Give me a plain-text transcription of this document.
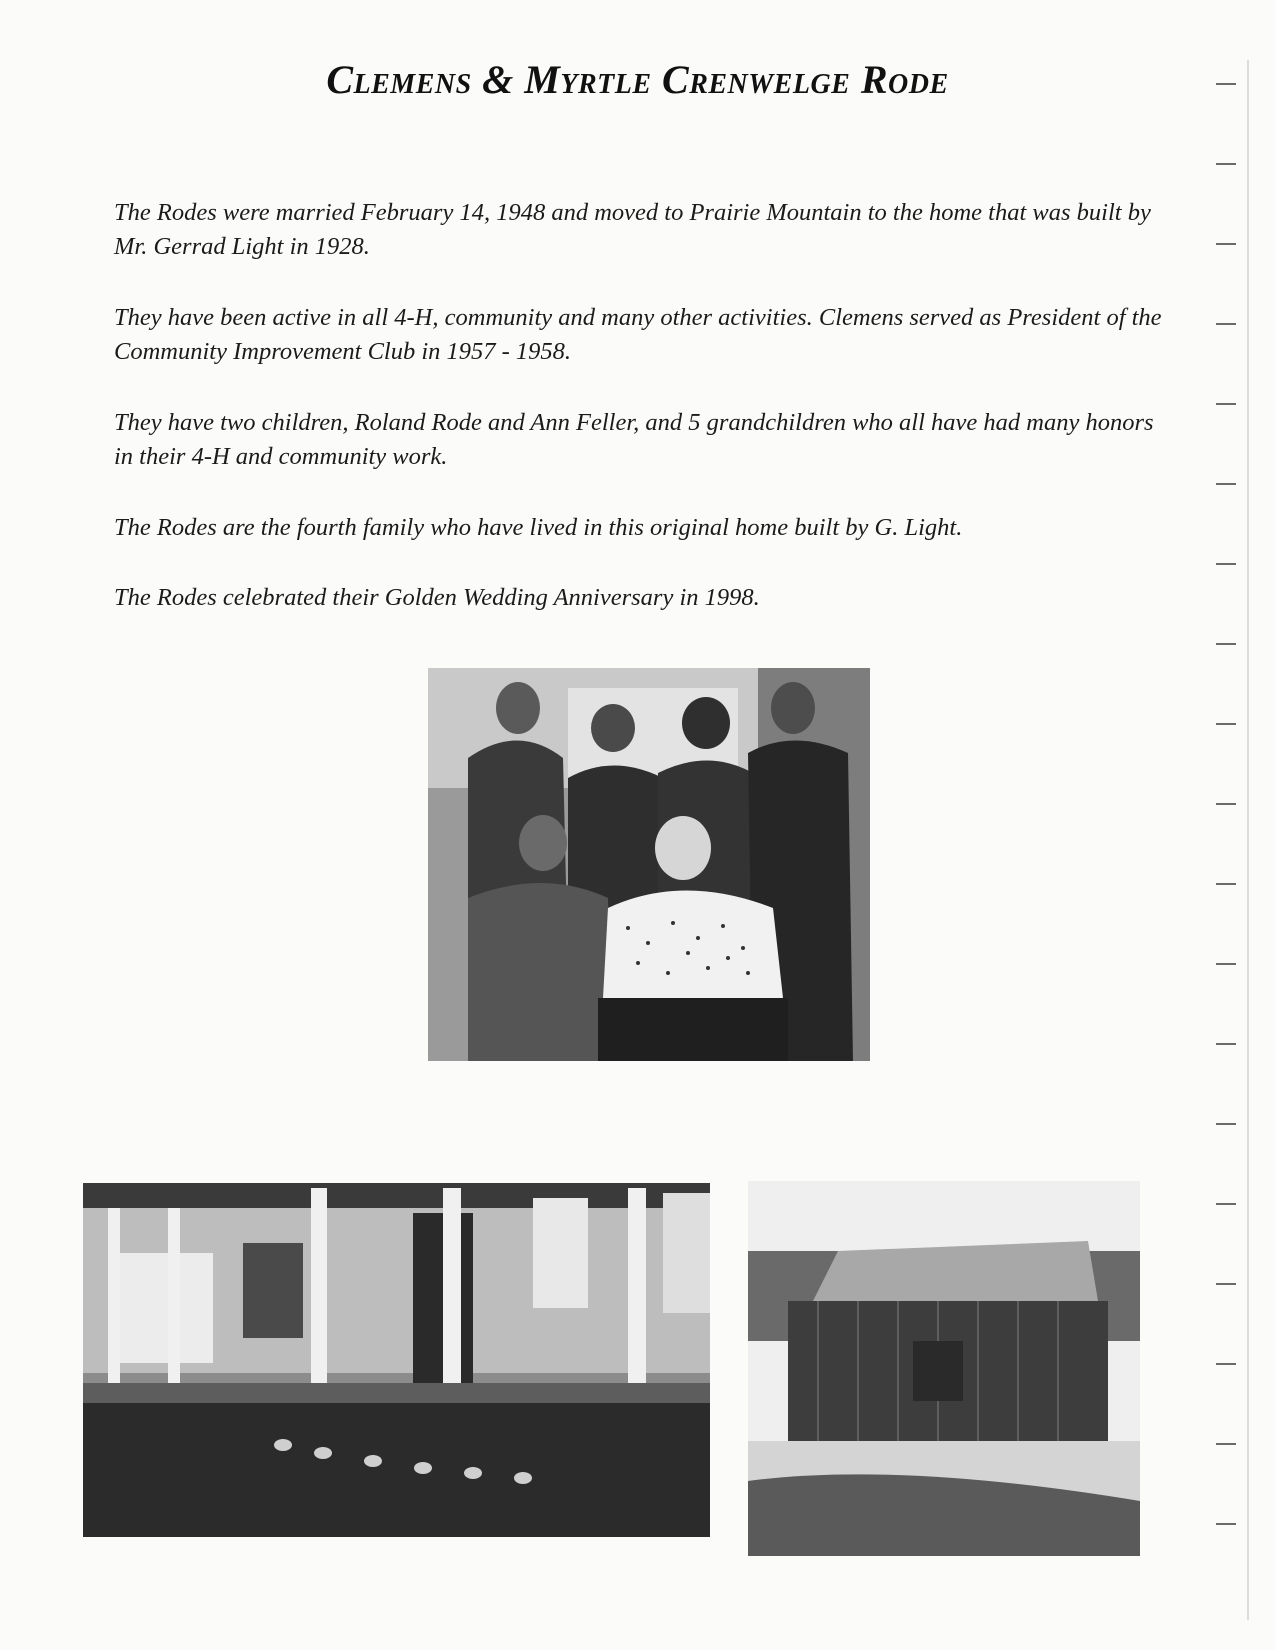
Clemens & Myrtle Crenwelge Rode

The Rodes were married February 14, 1948 and moved to Prairie Mountain to the home that was built by Mr. Gerrad Light in 1928.

They have been active in all 4-H, community and many other activities. Clemens served as President of the Community Improvement Club in 1957 - 1958.

They have two children, Roland Rode and Ann Feller, and 5 grandchildren who all have had many honors in their 4-H and community work.

The Rodes are the fourth family who have lived in this original home built by G. Light.

The Rodes celebrated their Golden Wedding Anniversary in 1998.
